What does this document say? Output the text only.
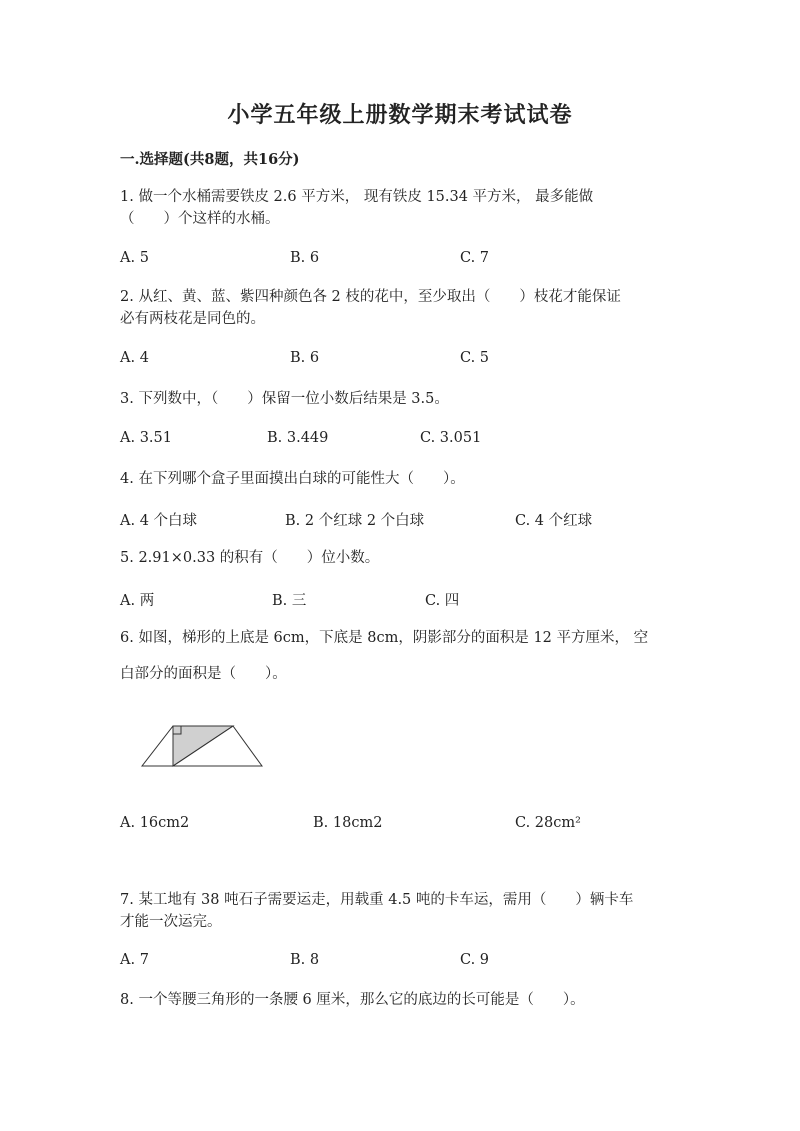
小学五年级上册数学期末考试试卷
一.选择题(共8题，共16分)
1. 做一个水桶需要铁皮 2.6 平方米， 现有铁皮 15.34 平方米， 最多能做
（　　）个这样的水桶。
A. 5	B. 6	C. 7
2. 从红、黄、蓝、紫四种颜色各 2 枝的花中，至少取出（　　）枝花才能保证
必有两枝花是同色的。
A. 4	B. 6	C. 5
3. 下列数中，（　　）保留一位小数后结果是 3.5。
A. 3.51	B. 3.449	C. 3.051
4. 在下列哪个盒子里面摸出白球的可能性大（　　）。
A. 4 个白球	B. 2 个红球 2 个白球	C. 4 个红球
5. 2.91×0.33 的积有（　　）位小数。
A. 两	B. 三	C. 四
6. 如图，梯形的上底是 6cm，下底是 8cm，阴影部分的面积是 12 平方厘米， 空
白部分的面积是（　　）。
A. 16cm2	B. 18cm2	C. 28cm²
7. 某工地有 38 吨石子需要运走，用载重 4.5 吨的卡车运，需用（　　）辆卡车
才能一次运完。
A. 7	B. 8	C. 9
8. 一个等腰三角形的一条腰 6 厘米，那么它的底边的长可能是（　　）。
